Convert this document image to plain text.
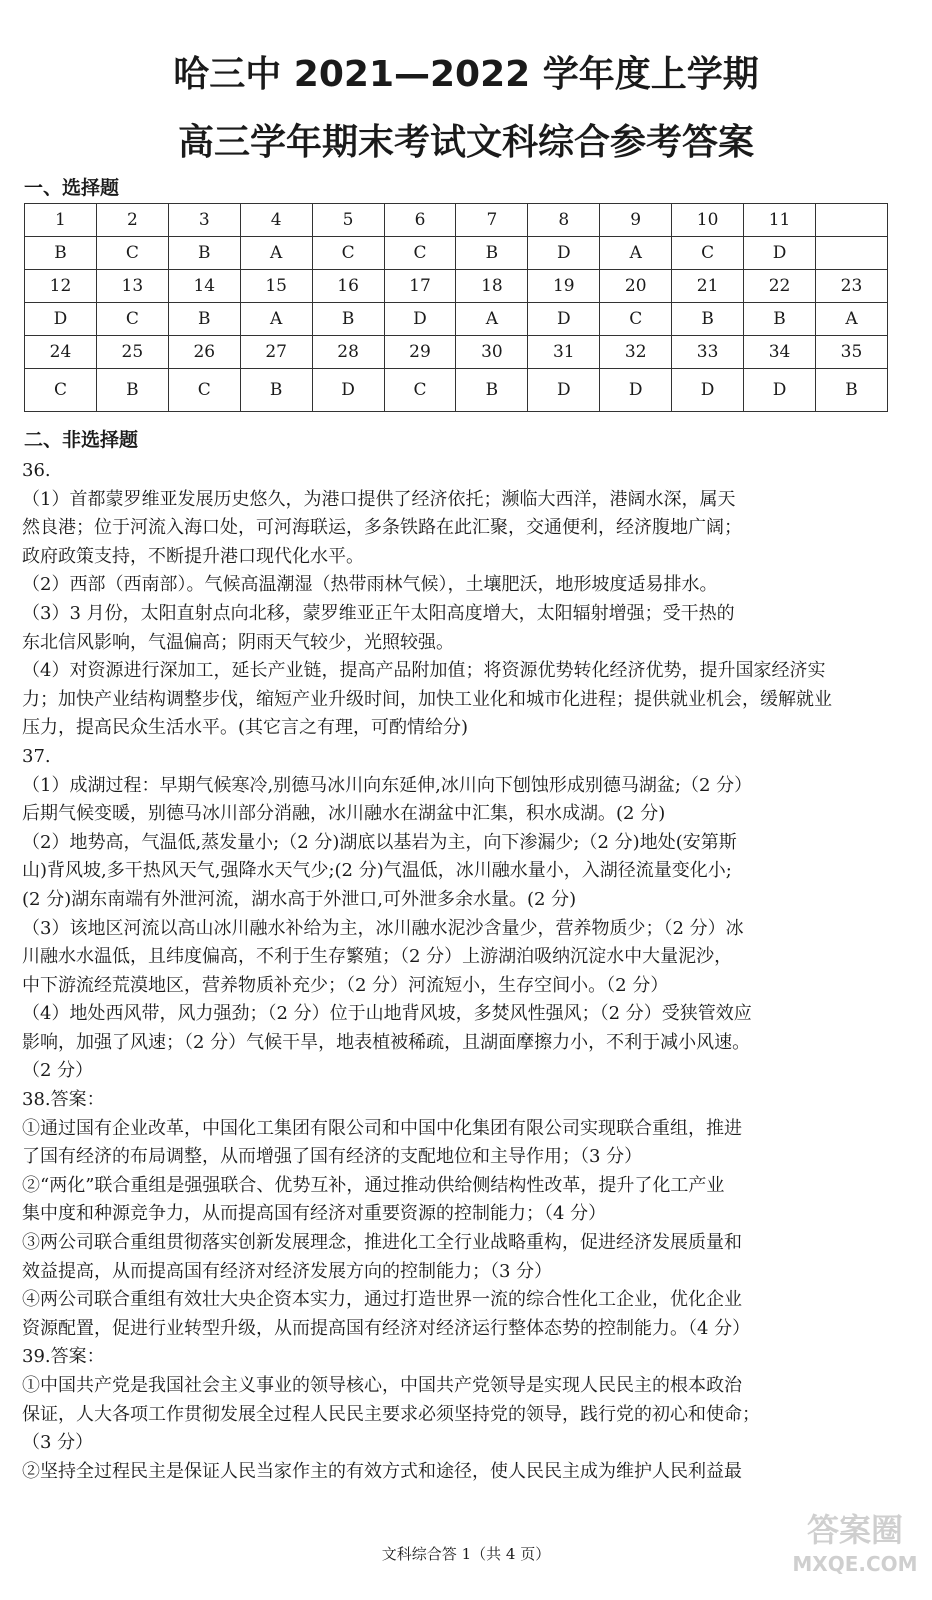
哈三中 2021—2022 学年度上学期
高三学年期末考试文科综合参考答案
一、选择题
1	2	3	4	5	6	7	8	9	10	11	
B	C	B	A	C	C	B	D	A	C	D	
12	13	14	15	16	17	18	19	20	21	22	23
D	C	B	A	B	D	A	D	C	B	B	A
24	25	26	27	28	29	30	31	32	33	34	35
C	B	C	B	D	C	B	D	D	D	D	B
二、非选择题
36.
（1）首都蒙罗维亚发展历史悠久，为港口提供了经济依托；濒临大西洋，港阔水深，属天
然良港；位于河流入海口处，可河海联运，多条铁路在此汇聚，交通便利，经济腹地广阔；
政府政策支持，不断提升港口现代化水平。
（2）西部（西南部）。气候高温潮湿（热带雨林气候），土壤肥沃，地形坡度适易排水。
（3）3 月份，太阳直射点向北移，蒙罗维亚正午太阳高度增大，太阳辐射增强；受干热的
东北信风影响，气温偏高；阴雨天气较少，光照较强。
（4）对资源进行深加工，延长产业链，提高产品附加值；将资源优势转化经济优势，提升国家经济实
力；加快产业结构调整步伐，缩短产业升级时间，加快工业化和城市化进程；提供就业机会，缓解就业
压力，提高民众生活水平。(其它言之有理，可酌情给分)
37.
（1）成湖过程：早期气候寒冷,别德马冰川向东延伸,冰川向下刨蚀形成别德马湖盆;（2 分）
后期气候变暖，别德马冰川部分消融，冰川融水在湖盆中汇集，积水成湖。(2 分)
（2）地势高，气温低,蒸发量小;（2 分)湖底以基岩为主，向下渗漏少;（2 分)地处(安第斯
山)背风坡,多干热风天气,强降水天气少;(2 分)气温低，冰川融水量小，入湖径流量变化小;
(2 分)湖东南端有外泄河流，湖水高于外泄口,可外泄多余水量。(2 分)
（3）该地区河流以高山冰川融水补给为主，冰川融水泥沙含量少，营养物质少；（2 分）冰
川融水水温低，且纬度偏高，不利于生存繁殖；（2 分）上游湖泊吸纳沉淀水中大量泥沙，
中下游流经荒漠地区，营养物质补充少；（2 分）河流短小，生存空间小。（2 分）
（4）地处西风带，风力强劲；（2 分）位于山地背风坡，多焚风性强风；（2 分）受狭管效应
影响，加强了风速；（2 分）气候干旱，地表植被稀疏，且湖面摩擦力小，不利于减小风速。
（2 分）
38.答案：
①通过国有企业改革，中国化工集团有限公司和中国中化集团有限公司实现联合重组，推进
了国有经济的布局调整，从而增强了国有经济的支配地位和主导作用；（3 分）
②“两化”联合重组是强强联合、优势互补，通过推动供给侧结构性改革，提升了化工产业
集中度和种源竞争力，从而提高国有经济对重要资源的控制能力；（4 分）
③两公司联合重组贯彻落实创新发展理念，推进化工全行业战略重构，促进经济发展质量和
效益提高，从而提高国有经济对经济发展方向的控制能力；（3 分）
④两公司联合重组有效壮大央企资本实力，通过打造世界一流的综合性化工企业，优化企业
资源配置，促进行业转型升级，从而提高国有经济对经济运行整体态势的控制能力。（4 分）
39.答案：
①中国共产党是我国社会主义事业的领导核心，中国共产党领导是实现人民民主的根本政治
保证，人大各项工作贯彻发展全过程人民民主要求必须坚持党的领导，践行党的初心和使命；
（3 分）
②坚持全过程民主是保证人民当家作主的有效方式和途径，使人民民主成为维护人民利益最
文科综合答 1（共 4 页）
答案圈
MXQE.COM
